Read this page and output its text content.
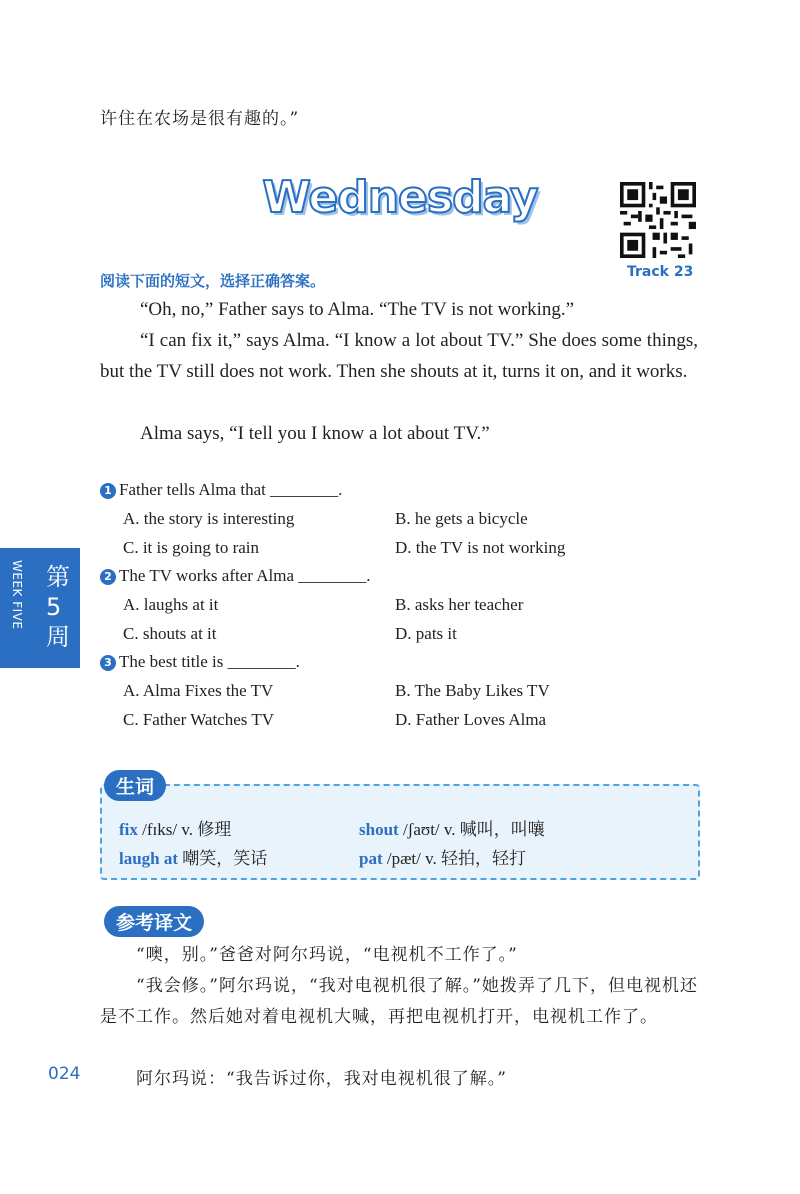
许住在农场是很有趣的。”
Wednesday
Track 23
阅读下面的短文，选择正确答案。
“Oh, no,” Father says to Alma. “The TV is not working.”
“I can fix it,” says Alma. “I know a lot about TV.” She does some things, but the TV still does not work. Then she shouts at it, turns it on, and it works.
Alma says, “I tell you I know a lot about TV.”
1 Father tells Alma that ________.
A. the story is interesting	B. he gets a bicycle
C. it is going to rain	D. the TV is not working
2 The TV works after Alma ________.
A. laughs at it	B. asks her teacher
C. shouts at it	D. pats it
3 The best title is ________.
A. Alma Fixes the TV	B. The Baby Likes TV
C. Father Watches TV	D. Father Loves Alma
WEEK FIVE 第5周
生词
fix /fɪks/ v. 修理	shout /ʃaʊt/ v. 喊叫，叫嚷
laugh at 嘲笑，笑话	pat /pæt/ v. 轻拍，轻打
参考译文
“噢，别。”爸爸对阿尔玛说，“电视机不工作了。”
“我会修。”阿尔玛说，“我对电视机很了解。”她拨弄了几下，但电视机还是不工作。然后她对着电视机大喊，再把电视机打开，电视机工作了。
阿尔玛说：“我告诉过你，我对电视机很了解。”
024
